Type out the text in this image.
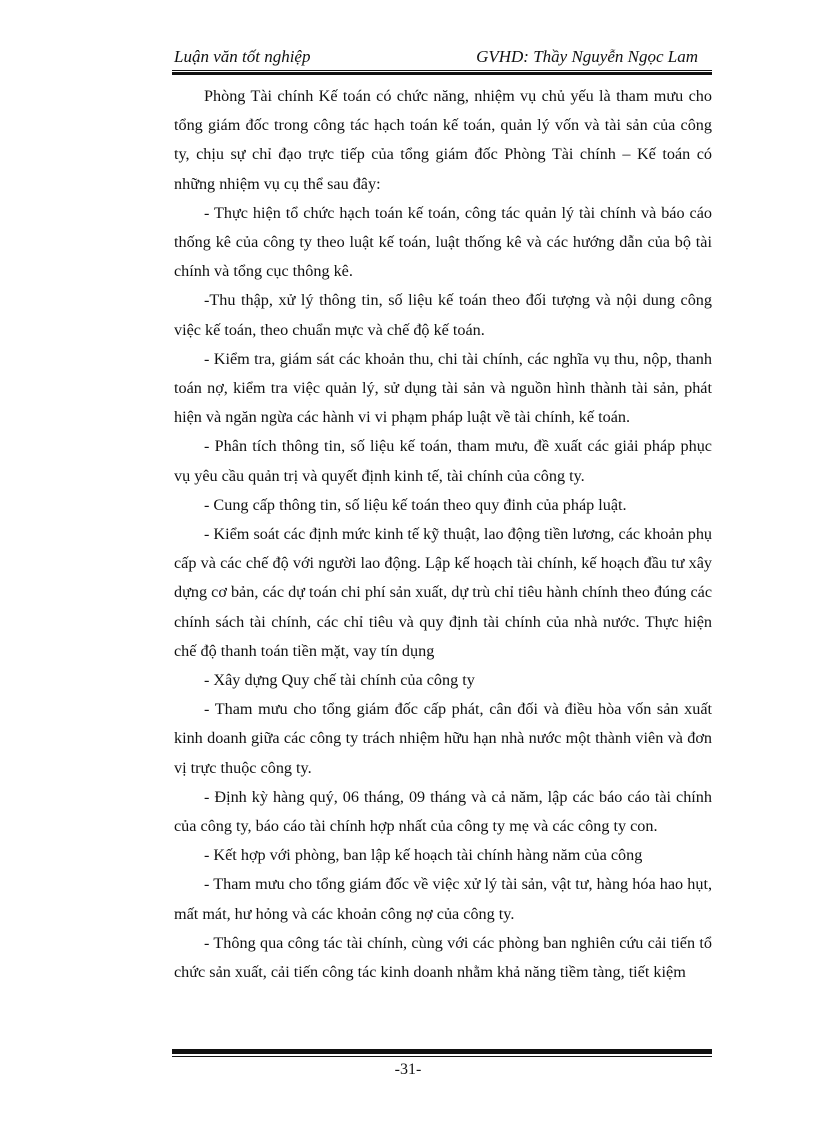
Luận văn tốt nghiệp	GVHD: Thầy Nguyễn Ngọc Lam

Phòng Tài chính Kế toán có chức năng, nhiệm vụ chủ yếu là tham mưu cho tổng giám đốc trong công tác hạch toán kế toán, quản lý vốn và tài sản của công ty, chịu sự chỉ đạo trực tiếp của tổng giám đốc Phòng Tài chính – Kế toán có những nhiệm vụ cụ thể sau đây:

- Thực hiện tổ chức hạch toán kế toán, công tác quản lý tài chính và báo cáo thống kê của công ty theo luật kế toán, luật thống kê và các hướng dẫn của bộ tài chính và tổng cục thông kê.

-Thu thập, xử lý thông tin, số liệu kế toán theo đối tượng và nội dung công việc kế toán, theo chuẩn mực và chế độ kế toán.

- Kiểm tra, giám sát các khoản thu, chi tài chính, các nghĩa vụ thu, nộp, thanh toán nợ, kiểm tra việc quản lý, sử dụng tài sản và nguồn hình thành tài sản, phát hiện và ngăn ngừa các hành vi vi phạm pháp luật về tài chính, kế toán.

- Phân tích thông tin, số liệu kế toán, tham mưu, đề xuất các giải pháp phục vụ yêu cầu quản trị và quyết định kinh tế, tài chính của công ty.

- Cung cấp thông tin, số liệu kế toán theo quy đinh của pháp luật.

- Kiểm soát các định mức kinh tế kỹ thuật, lao động tiền lương, các khoản phụ cấp và các chế độ với người lao động. Lập kế hoạch tài chính, kế hoạch đầu tư xây dựng cơ bản, các dự toán chi phí sản xuất, dự trù chỉ tiêu hành chính theo đúng các chính sách tài chính, các chỉ tiêu và quy định tài chính của nhà nước. Thực hiện chế độ thanh toán tiền mặt, vay tín dụng

- Xây dựng Quy chế tài chính của công ty

- Tham mưu cho tổng giám đốc cấp phát, cân đối và điều hòa vốn sản xuất kinh doanh giữa các công ty trách nhiệm hữu hạn nhà nước một thành viên và đơn vị trực thuộc công ty.

- Định kỳ hàng quý, 06 tháng, 09 tháng và cả năm, lập các báo cáo tài chính của công ty, báo cáo tài chính hợp nhất của công ty mẹ và các công ty con.

- Kết hợp với phòng, ban lập kế hoạch tài chính hàng năm của công

- Tham mưu cho tổng giám đốc về việc xử lý tài sản, vật tư, hàng hóa hao hụt, mất mát, hư hỏng và các khoản công nợ của công ty.

- Thông qua công tác tài chính, cùng với các phòng ban nghiên cứu cải tiến tổ chức sản xuất, cải tiến công tác kinh doanh nhằm khả năng tiềm tàng, tiết kiệm

-31-
